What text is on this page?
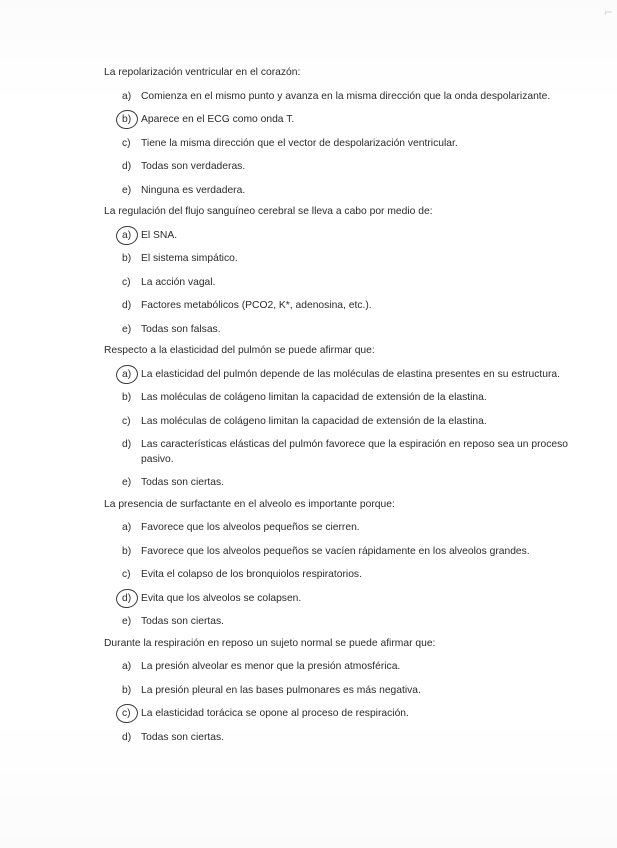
⌐

La repolarización ventricular en el corazón:

a) Comienza en el mismo punto y avanza en la misma dirección que la onda despolarizante.
b) Aparece en el ECG como onda T.
c)	Tiene la misma dirección que el vector de despolarización ventricular.
d) Todas son verdaderas.
e) Ninguna es verdadera.

La regulación del flujo sanguíneo cerebral se lleva a cabo por medio de:

a) El SNA.
b) El sistema simpático.
c)	La acción vagal.
d) Factores metabólicos (PCO2, K*, adenosina, etc.).
e) Todas son falsas.

Respecto a la elasticidad del pulmón se puede afirmar que:

a) La elasticidad del pulmón depende de las moléculas de elastina presentes en su estructura.
b) Las moléculas de colágeno limitan la capacidad de extensión de la elastina.
c)	Las moléculas de colágeno limitan la capacidad de extensión de la elastina.
d) Las características elásticas del pulmón favorece que la espiración en reposo sea un proceso pasivo.
e) Todas son ciertas.

La presencia de surfactante en el alveolo es importante porque:

a) Favorece que los alveolos pequeños se cierren.
b) Favorece que los alveolos pequeños se vacíen rápidamente en los alveolos grandes.
c)	Evita el colapso de los bronquiolos respiratorios.
d) Evita que los alveolos se colapsen.
e) Todas son ciertas.

Durante la respiración en reposo un sujeto normal se puede afirmar que:

a) La presión alveolar es menor que la presión atmosférica.
b) La presión pleural en las bases pulmonares es más negativa.
c)	La elasticidad torácica se opone al proceso de respiración.
d) Todas son ciertas.
